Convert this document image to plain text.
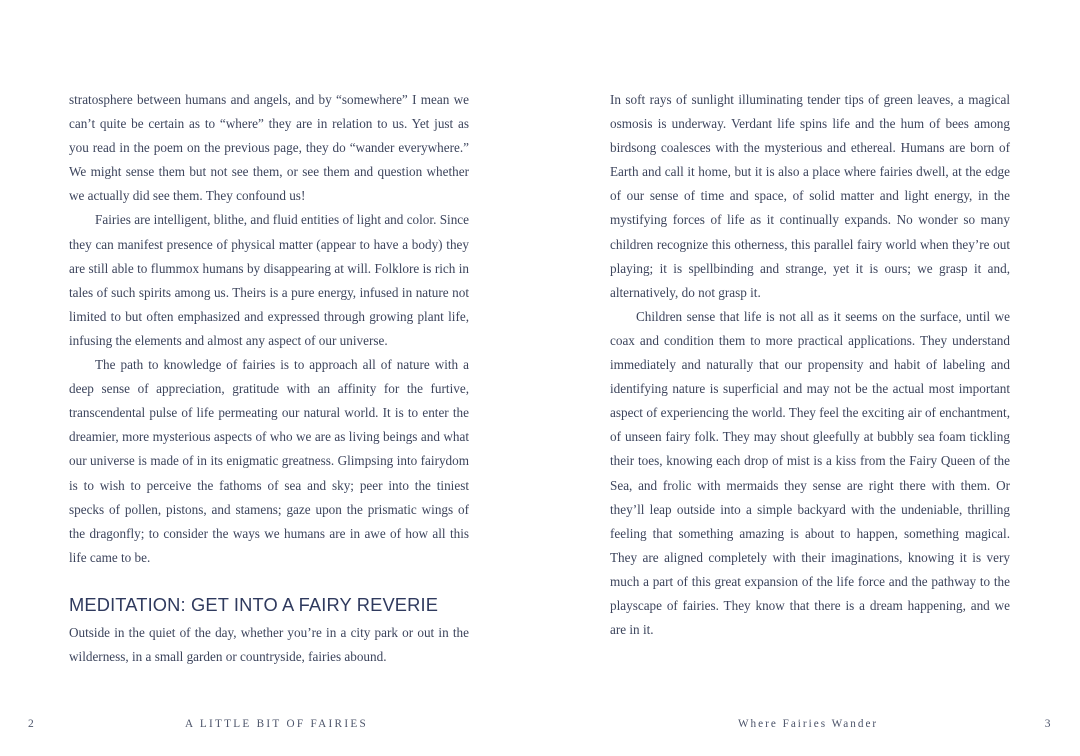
stratosphere between humans and angels, and by “somewhere” I mean we can’t quite be certain as to “where” they are in relation to us. Yet just as you read in the poem on the previous page, they do “wander everywhere.” We might sense them but not see them, or see them and question whether we actually did see them. They confound us!

Fairies are intelligent, blithe, and fluid entities of light and color. Since they can manifest presence of physical matter (appear to have a body) they are still able to flummox humans by disappearing at will. Folklore is rich in tales of such spirits among us. Theirs is a pure energy, infused in nature not limited to but often emphasized and expressed through growing plant life, infusing the elements and almost any aspect of our universe.

The path to knowledge of fairies is to approach all of nature with a deep sense of appreciation, gratitude with an affinity for the furtive, transcendental pulse of life permeating our natural world. It is to enter the dreamier, more mysterious aspects of who we are as living beings and what our universe is made of in its enigmatic greatness. Glimpsing into fairydom is to wish to perceive the fathoms of sea and sky; peer into the tiniest specks of pollen, pistons, and stamens; gaze upon the prismatic wings of the dragonfly; to consider the ways we humans are in awe of how all this life came to be.

MEDITATION: GET INTO A FAIRY REVERIE

Outside in the quiet of the day, whether you’re in a city park or out in the wilderness, in a small garden or countryside, fairies abound.

2	A LITTLE BIT OF FAIRIES

In soft rays of sunlight illuminating tender tips of green leaves, a magical osmosis is underway. Verdant life spins life and the hum of bees among birdsong coalesces with the mysterious and ethereal. Humans are born of Earth and call it home, but it is also a place where fairies dwell, at the edge of our sense of time and space, of solid matter and light energy, in the mystifying forces of life as it continually expands. No wonder so many children recognize this otherness, this parallel fairy world when they’re out playing; it is spellbinding and strange, yet it is ours; we grasp it and, alternatively, do not grasp it.

Children sense that life is not all as it seems on the surface, until we coax and condition them to more practical applications. They understand immediately and naturally that our propensity and habit of labeling and identifying nature is superficial and may not be the actual most important aspect of experiencing the world. They feel the exciting air of enchantment, of unseen fairy folk. They may shout gleefully at bubbly sea foam tickling their toes, knowing each drop of mist is a kiss from the Fairy Queen of the Sea, and frolic with mermaids they sense are right there with them. Or they’ll leap outside into a simple backyard with the undeniable, thrilling feeling that something amazing is about to happen, something magical. They are aligned completely with their imaginations, knowing it is very much a part of this great expansion of the life force and the pathway to the playscape of fairies. They know that there is a dream happening, and we are in it.

Where Fairies Wander	3
